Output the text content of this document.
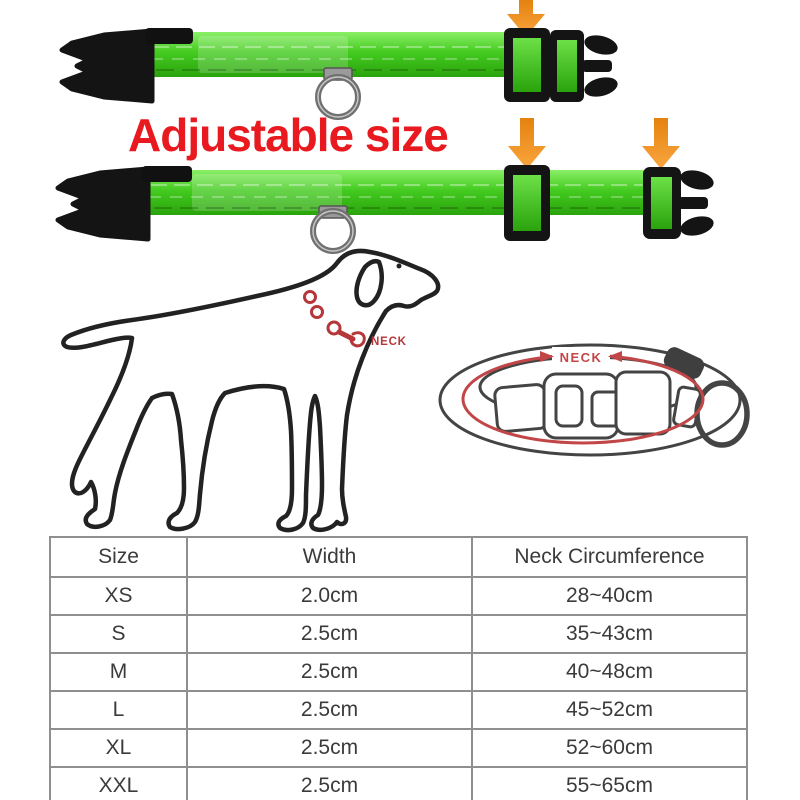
NECK
NECK
Adjustable size
Size	Width	Neck Circumference
XS	2.0cm	28~40cm
S	2.5cm	35~43cm
M	2.5cm	40~48cm
L	2.5cm	45~52cm
XL	2.5cm	52~60cm
XXL	2.5cm	55~65cm
